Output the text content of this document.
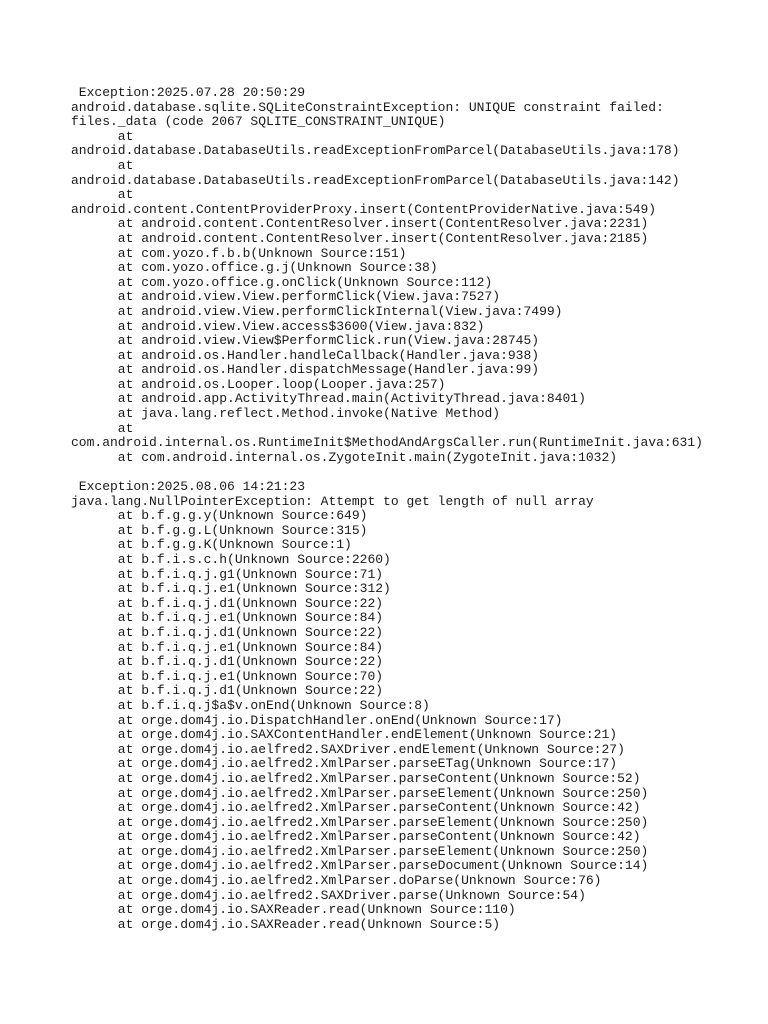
Exception:2025.07.28 20:50:29
android.database.sqlite.SQLiteConstraintException: UNIQUE constraint failed:
files._data (code 2067 SQLITE_CONSTRAINT_UNIQUE)
at
android.database.DatabaseUtils.readExceptionFromParcel(DatabaseUtils.java:178)
at
android.database.DatabaseUtils.readExceptionFromParcel(DatabaseUtils.java:142)
at
android.content.ContentProviderProxy.insert(ContentProviderNative.java:549)
at android.content.ContentResolver.insert(ContentResolver.java:2231)
at android.content.ContentResolver.insert(ContentResolver.java:2185)
at com.yozo.f.b.b(Unknown Source:151)
at com.yozo.office.g.j(Unknown Source:38)
at com.yozo.office.g.onClick(Unknown Source:112)
at android.view.View.performClick(View.java:7527)
at android.view.View.performClickInternal(View.java:7499)
at android.view.View.access$3600(View.java:832)
at android.view.View$PerformClick.run(View.java:28745)
at android.os.Handler.handleCallback(Handler.java:938)
at android.os.Handler.dispatchMessage(Handler.java:99)
at android.os.Looper.loop(Looper.java:257)
at android.app.ActivityThread.main(ActivityThread.java:8401)
at java.lang.reflect.Method.invoke(Native Method)
at
com.android.internal.os.RuntimeInit$MethodAndArgsCaller.run(RuntimeInit.java:631)
at com.android.internal.os.ZygoteInit.main(ZygoteInit.java:1032)
Exception:2025.08.06 14:21:23
java.lang.NullPointerException: Attempt to get length of null array
at b.f.g.g.y(Unknown Source:649)
at b.f.g.g.L(Unknown Source:315)
at b.f.g.g.K(Unknown Source:1)
at b.f.i.s.c.h(Unknown Source:2260)
at b.f.i.q.j.g1(Unknown Source:71)
at b.f.i.q.j.e1(Unknown Source:312)
at b.f.i.q.j.d1(Unknown Source:22)
at b.f.i.q.j.e1(Unknown Source:84)
at b.f.i.q.j.d1(Unknown Source:22)
at b.f.i.q.j.e1(Unknown Source:84)
at b.f.i.q.j.d1(Unknown Source:22)
at b.f.i.q.j.e1(Unknown Source:70)
at b.f.i.q.j.d1(Unknown Source:22)
at b.f.i.q.j$a$v.onEnd(Unknown Source:8)
at orge.dom4j.io.DispatchHandler.onEnd(Unknown Source:17)
at orge.dom4j.io.SAXContentHandler.endElement(Unknown Source:21)
at orge.dom4j.io.aelfred2.SAXDriver.endElement(Unknown Source:27)
at orge.dom4j.io.aelfred2.XmlParser.parseETag(Unknown Source:17)
at orge.dom4j.io.aelfred2.XmlParser.parseContent(Unknown Source:52)
at orge.dom4j.io.aelfred2.XmlParser.parseElement(Unknown Source:250)
at orge.dom4j.io.aelfred2.XmlParser.parseContent(Unknown Source:42)
at orge.dom4j.io.aelfred2.XmlParser.parseElement(Unknown Source:250)
at orge.dom4j.io.aelfred2.XmlParser.parseContent(Unknown Source:42)
at orge.dom4j.io.aelfred2.XmlParser.parseElement(Unknown Source:250)
at orge.dom4j.io.aelfred2.XmlParser.parseDocument(Unknown Source:14)
at orge.dom4j.io.aelfred2.XmlParser.doParse(Unknown Source:76)
at orge.dom4j.io.aelfred2.SAXDriver.parse(Unknown Source:54)
at orge.dom4j.io.SAXReader.read(Unknown Source:110)
at orge.dom4j.io.SAXReader.read(Unknown Source:5)
